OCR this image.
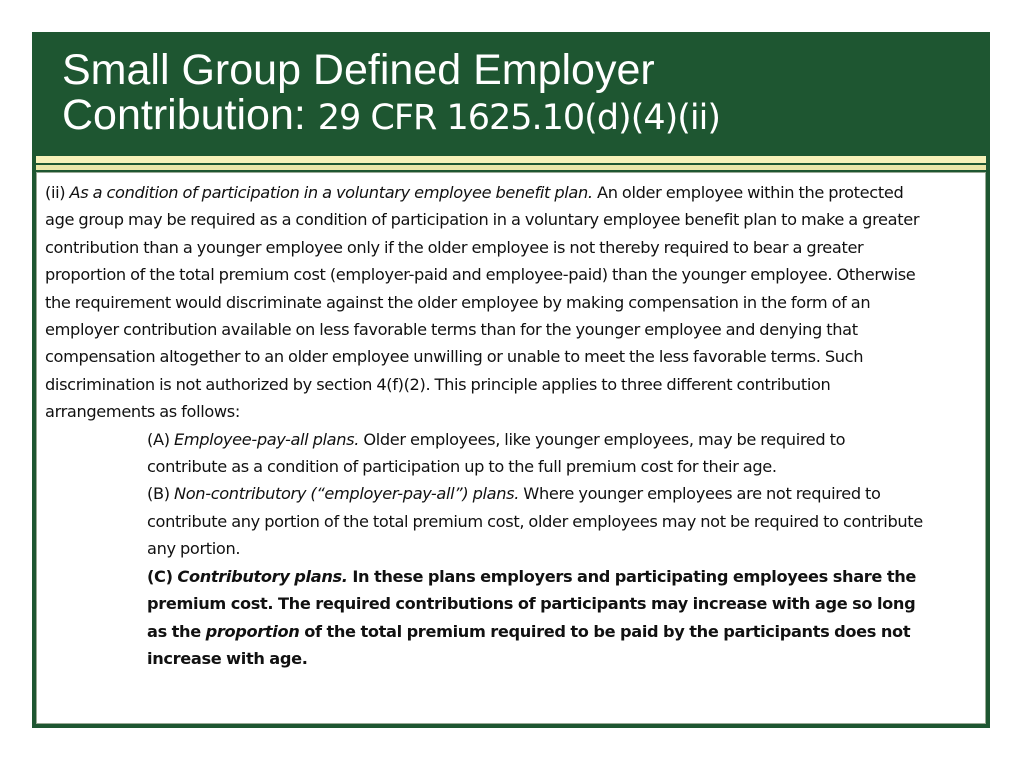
Small Group Defined Employer
Contribution: 29 CFR 1625.10(d)(4)(ii)

(ii) As a condition of participation in a voluntary employee benefit plan. An older employee within the protected age group may be required as a condition of participation in a voluntary employee benefit plan to make a greater contribution than a younger employee only if the older employee is not thereby required to bear a greater proportion of the total premium cost (employer-paid and employee-paid) than the younger employee. Otherwise the requirement would discriminate against the older employee by making compensation in the form of an employer contribution available on less favorable terms than for the younger employee and denying that compensation altogether to an older employee unwilling or unable to meet the less favorable terms. Such discrimination is not authorized by section 4(f)(2). This principle applies to three different contribution arrangements as follows:

(A) Employee-pay-all plans. Older employees, like younger employees, may be required to contribute as a condition of participation up to the full premium cost for their age.

(B) Non-contributory (“employer-pay-all”) plans. Where younger employees are not required to contribute any portion of the total premium cost, older employees may not be required to contribute any portion.

(C) Contributory plans. In these plans employers and participating employees share the premium cost. The required contributions of participants may increase with age so long as the proportion of the total premium required to be paid by the participants does not increase with age.
